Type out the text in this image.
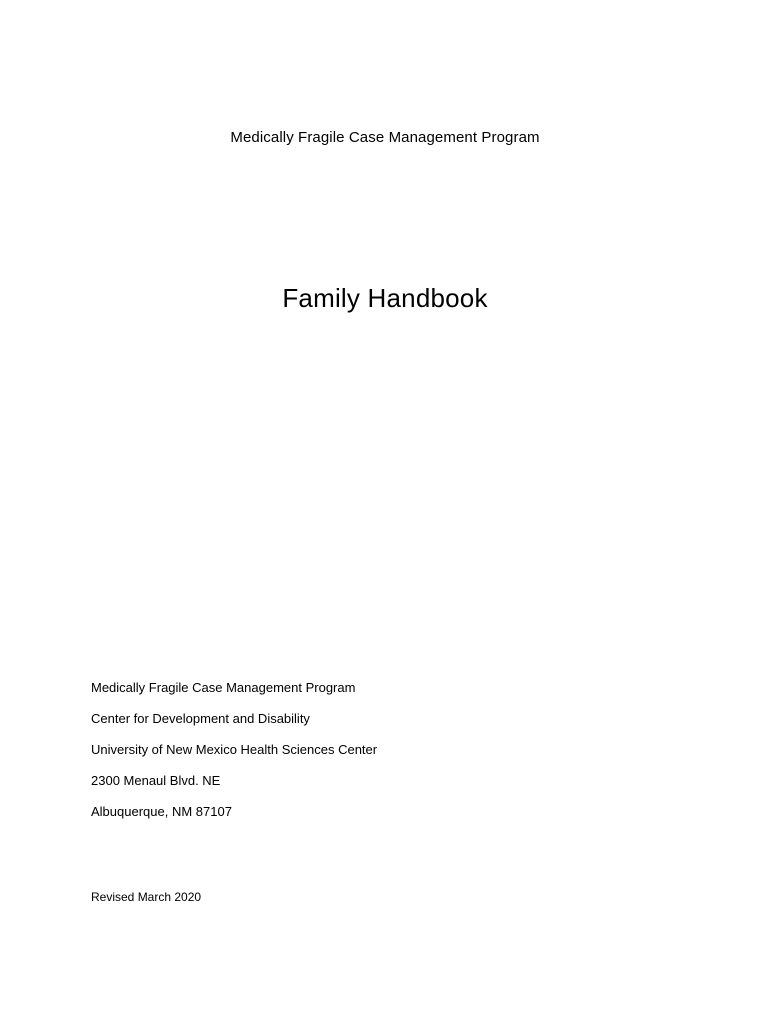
Medically Fragile Case Management Program
Family Handbook
Medically Fragile Case Management Program
Center for Development and Disability
University of New Mexico Health Sciences Center
2300 Menaul Blvd. NE
Albuquerque, NM 87107
Revised March 2020
